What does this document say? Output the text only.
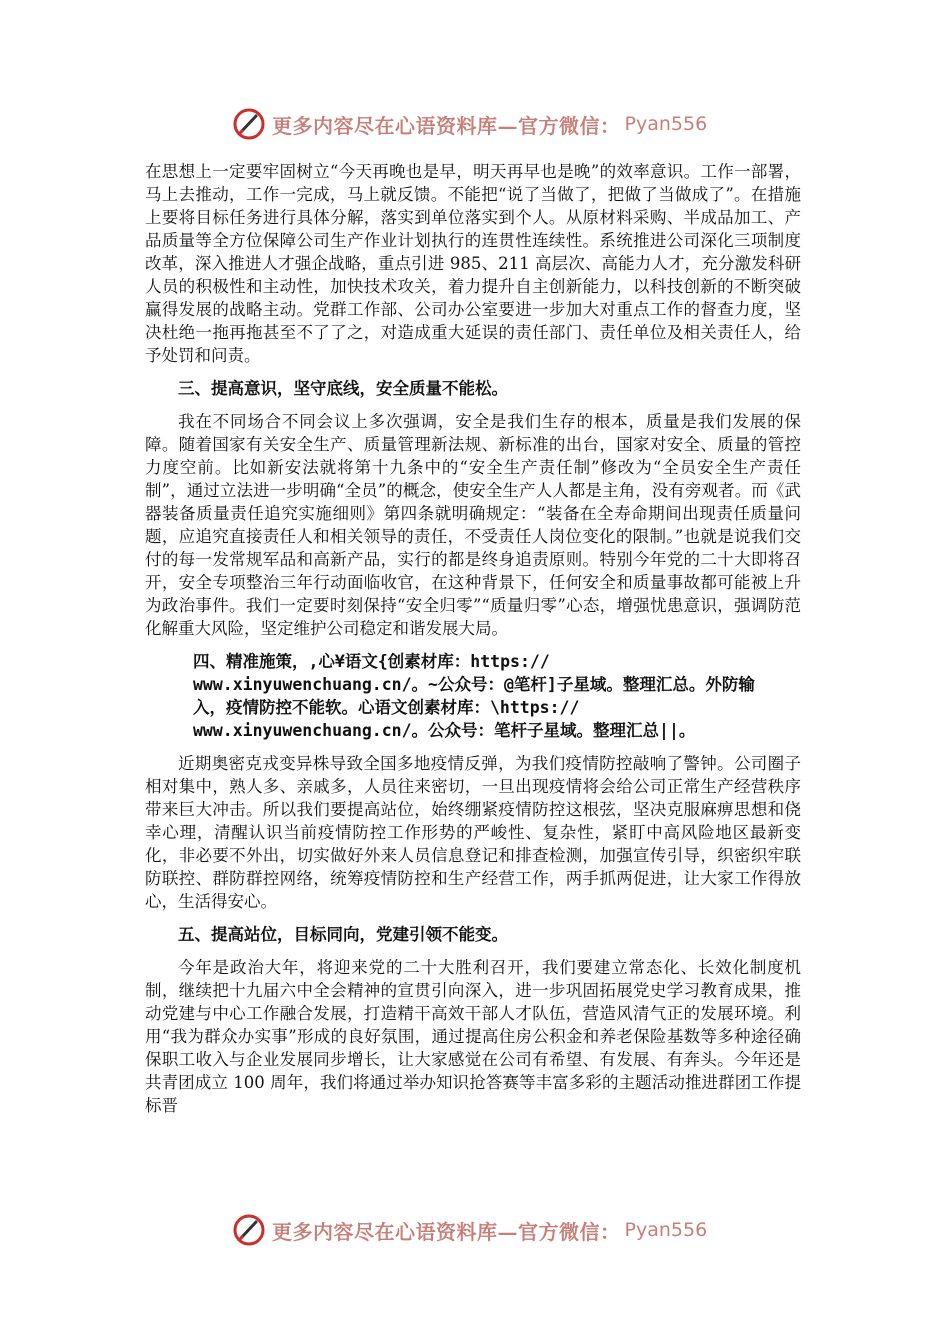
更多内容尽在心语资料库—官方微信： Pyan556

在思想上一定要牢固树立“今天再晚也是早，明天再早也是晚”的效率意识。工作一部署，马上去推动，工作一完成，马上就反馈。不能把“说了当做了，把做了当做成了”。在措施上要将目标任务进行具体分解，落实到单位落实到个人。从原材料采购、半成品加工、产品质量等全方位保障公司生产作业计划执行的连贯性连续性。系统推进公司深化三项制度改革，深入推进人才强企战略，重点引进 985、211 高层次、高能力人才，充分激发科研人员的积极性和主动性，加快技术攻关，着力提升自主创新能力，以科技创新的不断突破赢得发展的战略主动。党群工作部、公司办公室要进一步加大对重点工作的督查力度，坚决杜绝一拖再拖甚至不了了之，对造成重大延误的责任部门、责任单位及相关责任人，给予处罚和问责。

三、提高意识，坚守底线，安全质量不能松。

我在不同场合不同会议上多次强调，安全是我们生存的根本，质量是我们发展的保障。随着国家有关安全生产、质量管理新法规、新标准的出台，国家对安全、质量的管控力度空前。比如新安法就将第十九条中的“安全生产责任制”修改为“全员安全生产责任制”，通过立法进一步明确“全员”的概念，使安全生产人人都是主角，没有旁观者。而《武器装备质量责任追究实施细则》第四条就明确规定：“装备在全寿命期间出现责任质量问题，应追究直接责任人和相关领导的责任，不受责任人岗位变化的限制。”也就是说我们交付的每一发常规军品和高新产品，实行的都是终身追责原则。特别今年党的二十大即将召开，安全专项整治三年行动面临收官，在这种背景下，任何安全和质量事故都可能被上升为政治事件。我们一定要时刻保持“安全归零”“质量归零”心态，增强忧患意识，强调防范化解重大风险，坚定维护公司稳定和谐发展大局。

四、精准施策，,心¥语文{创素材库：https://
www.xinyuwenchuang.cn/。~公众号：@笔杆]子星域。整理汇总。外防输
入，疫情防控不能软。心语文创素材库：\https://
www.xinyuwenchuang.cn/。公众号：笔杆子星域。整理汇总||。

近期奥密克戎变异株导致全国多地疫情反弹，为我们疫情防控敲响了警钟。公司圈子相对集中，熟人多、亲戚多，人员往来密切，一旦出现疫情将会给公司正常生产经营秩序带来巨大冲击。所以我们要提高站位，始终绷紧疫情防控这根弦，坚决克服麻痹思想和侥幸心理，清醒认识当前疫情防控工作形势的严峻性、复杂性，紧盯中高风险地区最新变化，非必要不外出，切实做好外来人员信息登记和排查检测，加强宣传引导，织密织牢联防联控、群防群控网络，统筹疫情防控和生产经营工作，两手抓两促进，让大家工作得放心，生活得安心。

五、提高站位，目标同向，党建引领不能变。

今年是政治大年，将迎来党的二十大胜利召开，我们要建立常态化、长效化制度机制，继续把十九届六中全会精神的宣贯引向深入，进一步巩固拓展党史学习教育成果，推动党建与中心工作融合发展，打造精干高效干部人才队伍，营造风清气正的发展环境。利用“我为群众办实事”形成的良好氛围，通过提高住房公积金和养老保险基数等多种途径确保职工收入与企业发展同步增长，让大家感觉在公司有希望、有发展、有奔头。今年还是共青团成立 100 周年，我们将通过举办知识抢答赛等丰富多彩的主题活动推进群团工作提标晋

更多内容尽在心语资料库—官方微信： Pyan556
